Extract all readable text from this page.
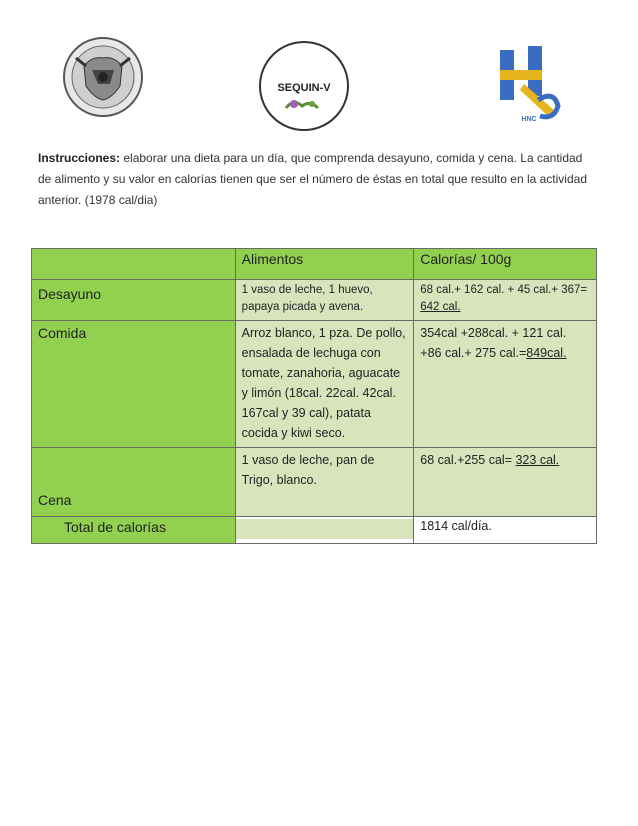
SEQUIN-V
HNC
Instrucciones: elaborar una dieta para un día, que comprenda desayuno, comida y cena. La cantidad de alimento y su valor en calorías tienen que ser el número de éstas en total que resulto en la actividad anterior. (1978 cal/dia)
	Alimentos	Calorías/ 100g
Desayuno	1 vaso de leche, 1 huevo, papaya picada y avena.	68 cal.+ 162 cal. + 45 cal.+ 367= 642 cal.
Comida	Arroz blanco, 1 pza. De pollo, ensalada de lechuga con tomate, zanahoria, aguacate y limón (18cal. 22cal. 42cal. 167cal y 39 cal), patata cocida y kiwi seco.	354cal +288cal. + 121 cal. +86 cal.+ 275 cal.=849cal.
Cena	1 vaso de leche, pan de Trigo, blanco.	68 cal.+255 cal= 323 cal.
Total de calorías		1814 cal/día.
